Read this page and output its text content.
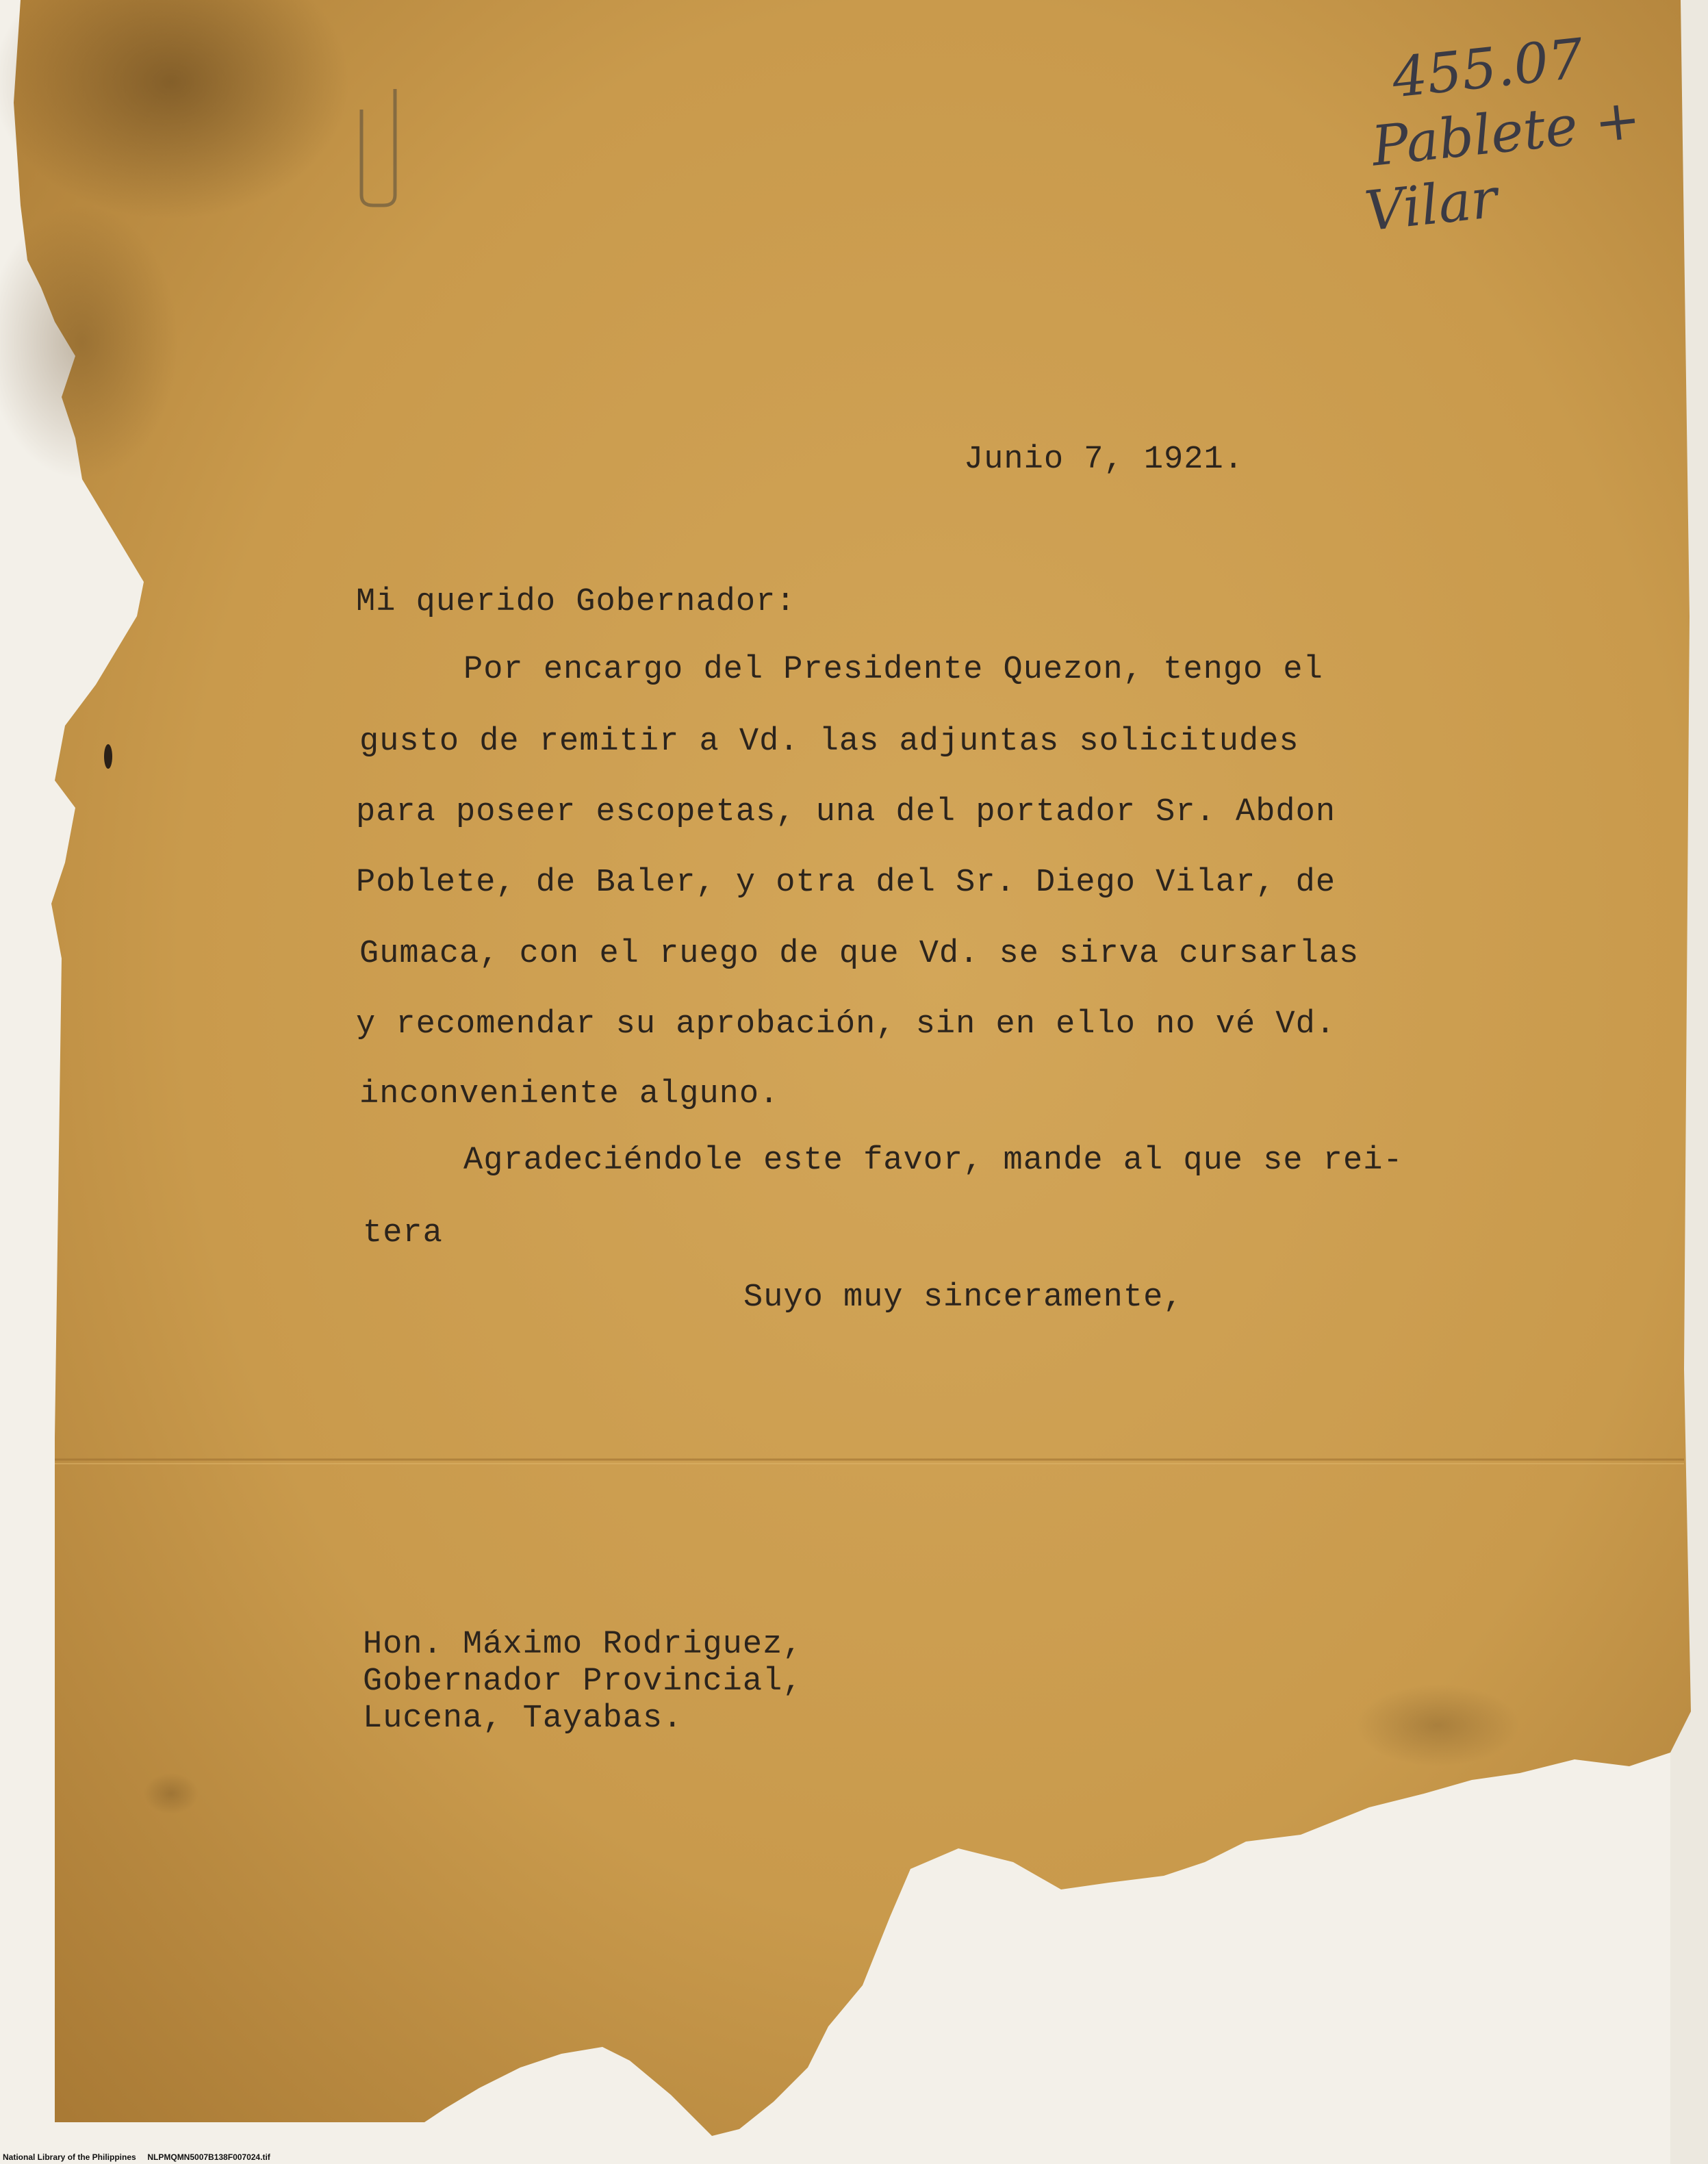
455.07
Pablete +
Vilar
Junio 7, 1921.
Mi querido Gobernador:
Por encargo del Presidente Quezon, tengo el
gusto de remitir a Vd. las adjuntas solicitudes
para poseer escopetas, una del portador Sr. Abdon
Poblete, de Baler, y otra del Sr. Diego Vilar, de
Gumaca, con el ruego de que Vd. se sirva cursarlas
y recomendar su aprobación, sin en ello no vé Vd.
inconveniente alguno.
Agradeciéndole este favor, mande al que se rei-
tera
Suyo muy sinceramente,
Hon. Máximo Rodriguez,
Gobernador Provincial,
Lucena, Tayabas.
National Library of the Philippines     NLPMQMN5007B138F007024.tif
